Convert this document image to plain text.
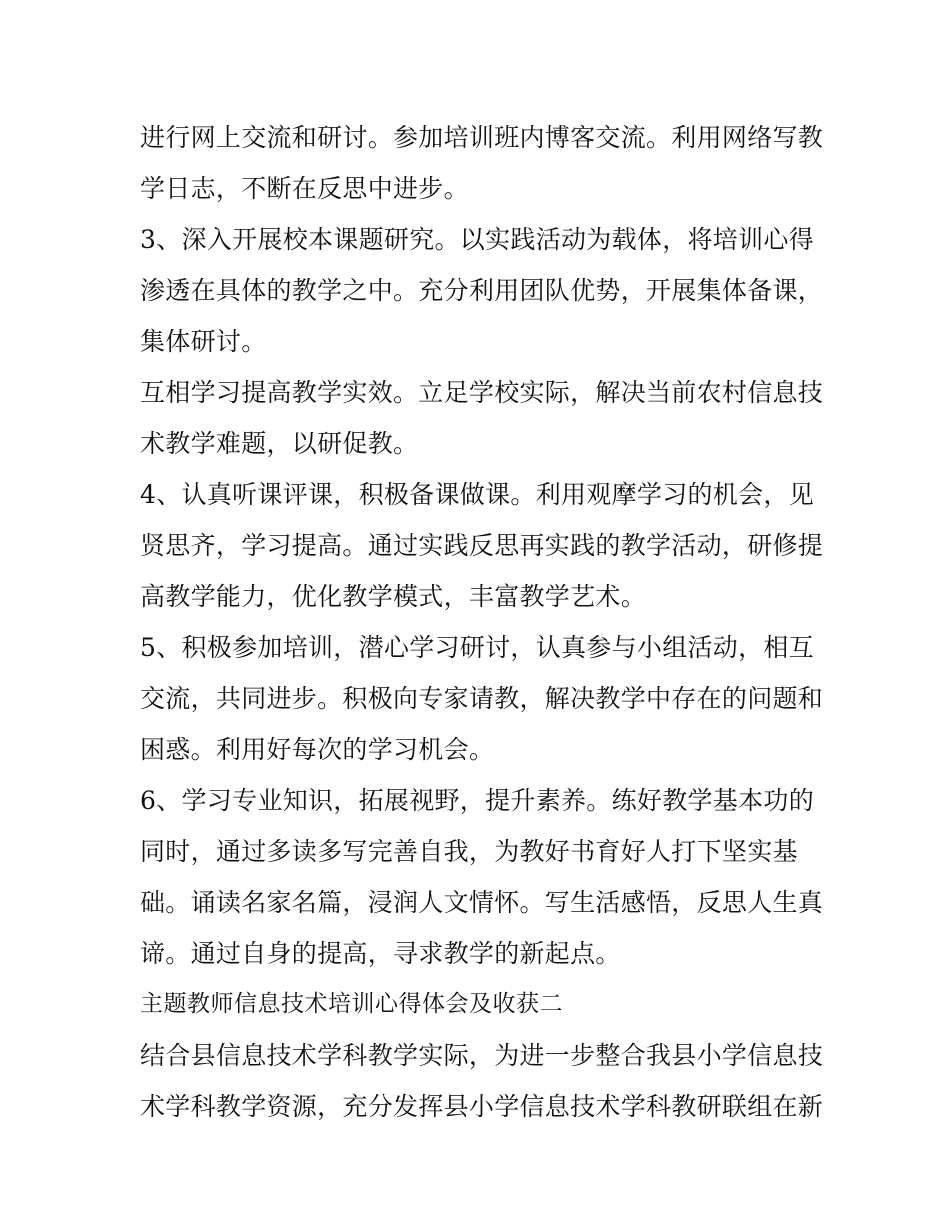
进行网上交流和研讨。参加培训班内博客交流。利用网络写教
学日志，不断在反思中进步。
3、深入开展校本课题研究。以实践活动为载体，将培训心得
渗透在具体的教学之中。充分利用团队优势，开展集体备课，
集体研讨。
互相学习提高教学实效。立足学校实际，解决当前农村信息技
术教学难题，以研促教。
4、认真听课评课，积极备课做课。利用观摩学习的机会，见
贤思齐，学习提高。通过实践反思再实践的教学活动，研修提
高教学能力，优化教学模式，丰富教学艺术。
5、积极参加培训，潜心学习研讨，认真参与小组活动，相互
交流，共同进步。积极向专家请教，解决教学中存在的问题和
困惑。利用好每次的学习机会。
6、学习专业知识，拓展视野，提升素养。练好教学基本功的
同时，通过多读多写完善自我，为教好书育好人打下坚实基
础。诵读名家名篇，浸润人文情怀。写生活感悟，反思人生真
谛。通过自身的提高，寻求教学的新起点。
主题教师信息技术培训心得体会及收获二
结合县信息技术学科教学实际，为进一步整合我县小学信息技
术学科教学资源，充分发挥县小学信息技术学科教研联组在新
